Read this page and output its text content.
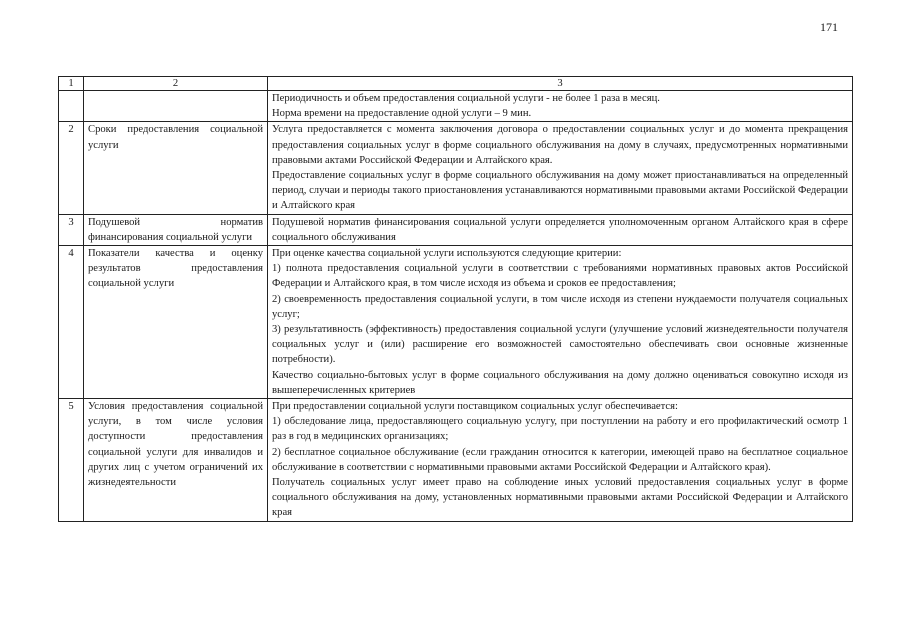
171
1	2	3

		Периодичность и объем предоставления социальной услуги - не более 1 раза в месяц.

Норма времени на предоставление одной услуги – 9 мин.

2	Сроки предоставления социальной услуги	Услуга предоставляется с момента заключения договора о предоставлении социальных услуг и до момента прекращения предоставления социальных услуг в форме социального обслуживания на дому в случаях, предусмотренных нормативными правовыми актами Российской Федерации и Алтайского края.

Предоставление социальных услуг в форме социального обслуживания на дому может приостанавливаться на определенный период, случаи и периоды такого приостановления устанавливаются нормативными правовыми актами Российской Федерации и Алтайского края

3	Подушевой норматив финансирования социальной услуги	Подушевой норматив финансирования социальной услуги определяется уполномоченным органом Алтайского края в сфере социального обслуживания

4	Показатели качества и оценку результатов предоставления социальной услуги	При оценке качества социальной услуги используются следующие критерии:

1) полнота предоставления социальной услуги в соответствии с требованиями нормативных правовых актов Российской Федерации и Алтайского края, в том числе исходя из объема и сроков ее предоставления;

2) своевременность предоставления социальной услуги, в том числе исходя из степени нуждаемости получателя социальных услуг;

3) результативность (эффективность) предоставления социальной услуги (улучшение условий жизнедеятельности получателя социальных услуг и (или) расширение его возможностей самостоятельно обеспечивать свои основные жизненные потребности).

Качество социально-бытовых услуг в форме социального обслуживания на дому должно оцениваться совокупно исходя из вышеперечисленных критериев

5	Условия предоставления социальной услуги, в том числе условия доступности предоставления социальной услуги для инвалидов и других лиц с учетом ограничений их жизнедеятельности	При предоставлении социальной услуги поставщиком социальных услуг обеспечивается:

1) обследование лица, предоставляющего социальную услугу, при поступлении на работу и его профилактический осмотр 1 раз в год в медицинских организациях;

2) бесплатное социальное обслуживание (если гражданин относится к категории, имеющей право на бесплатное социальное обслуживание в соответствии с нормативными правовыми актами Российской Федерации и Алтайского края).

Получатель социальных услуг имеет право на соблюдение иных условий предоставления социальных услуг в форме социального обслуживания на дому, установленных нормативными правовыми актами Российской Федерации и Алтайского края
